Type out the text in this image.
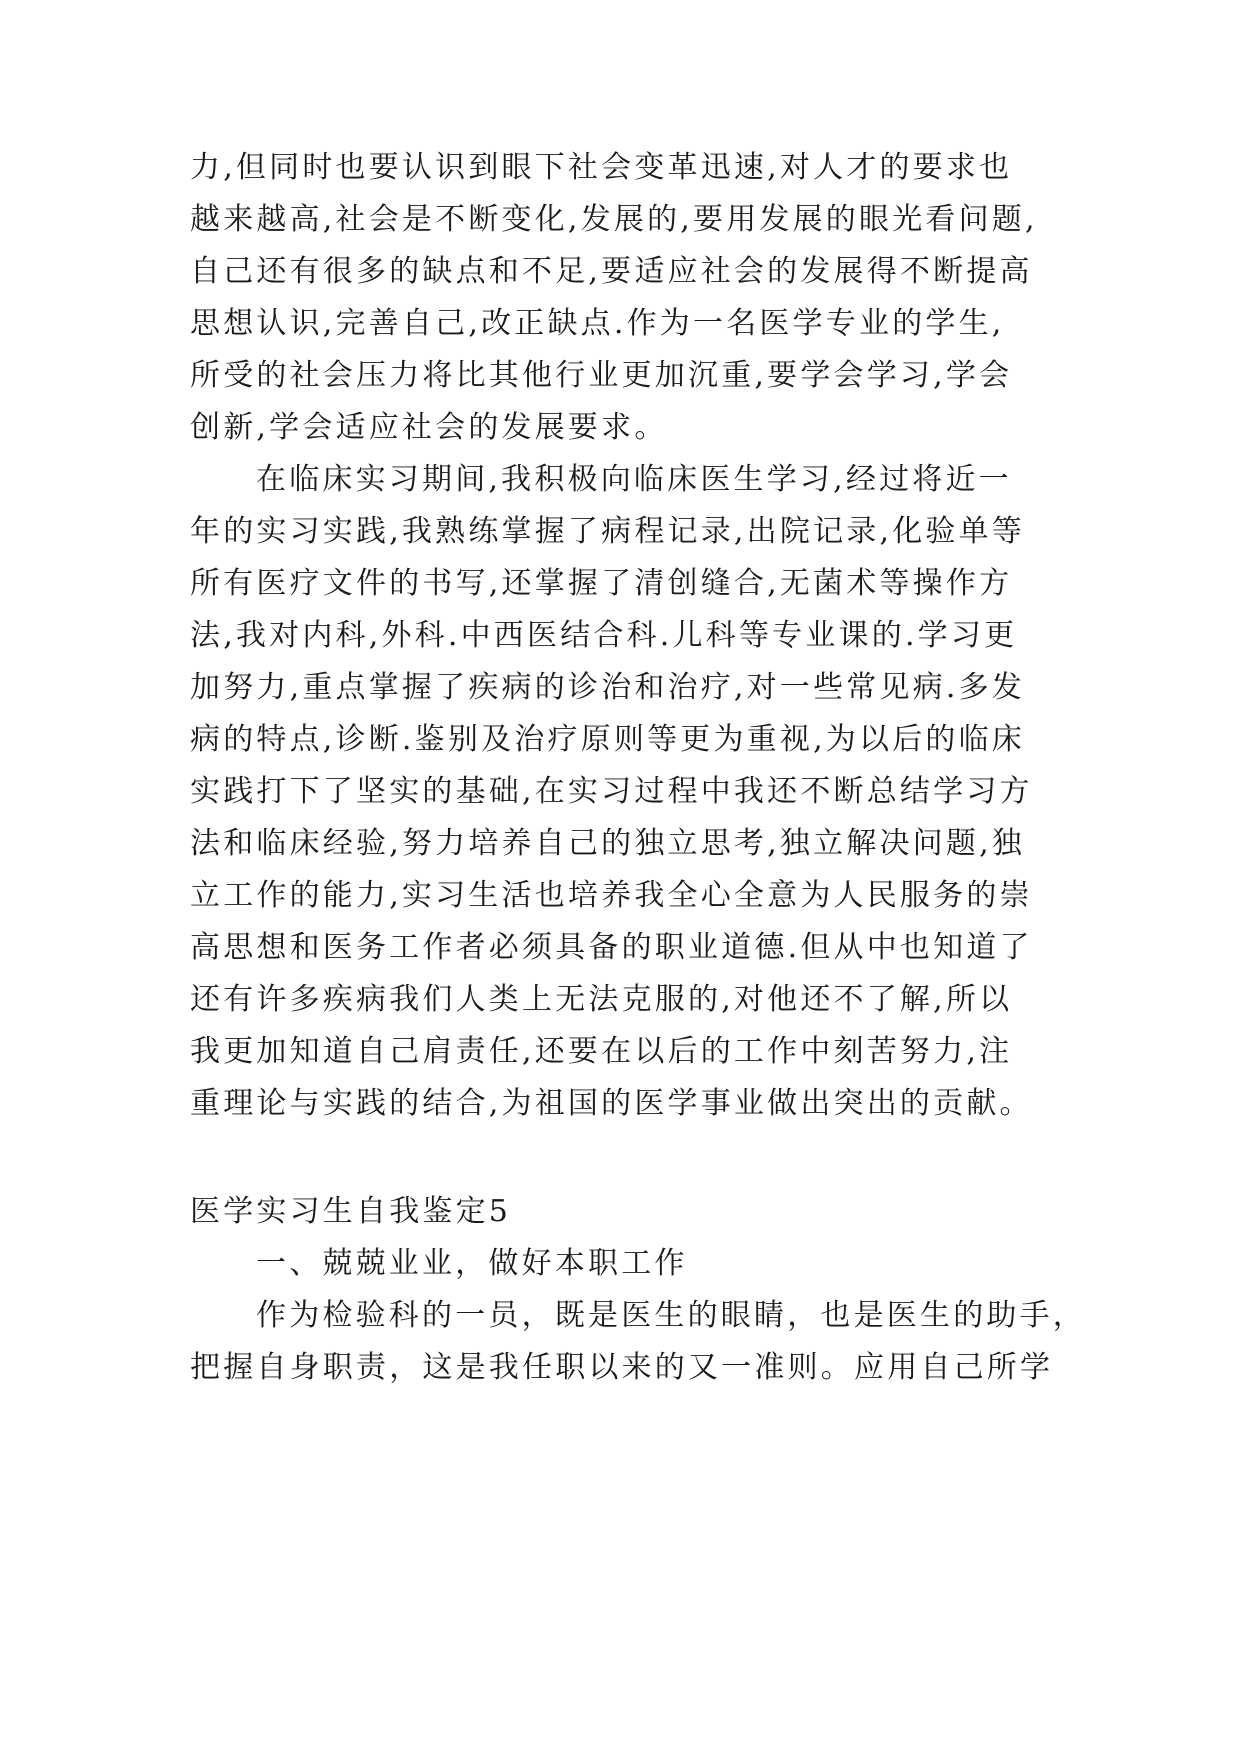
力,但同时也要认识到眼下社会变革迅速,对人才的要求也
越来越高,社会是不断变化,发展的,要用发展的眼光看问题,
自己还有很多的缺点和不足,要适应社会的发展得不断提高
思想认识,完善自己,改正缺点.作为一名医学专业的学生,
所受的社会压力将比其他行业更加沉重,要学会学习,学会
创新,学会适应社会的发展要求。
在临床实习期间,我积极向临床医生学习,经过将近一
年的实习实践,我熟练掌握了病程记录,出院记录,化验单等
所有医疗文件的书写,还掌握了清创缝合,无菌术等操作方
法,我对内科,外科.中西医结合科.儿科等专业课的.学习更
加努力,重点掌握了疾病的诊治和治疗,对一些常见病.多发
病的特点,诊断.鉴别及治疗原则等更为重视,为以后的临床
实践打下了坚实的基础,在实习过程中我还不断总结学习方
法和临床经验,努力培养自己的独立思考,独立解决问题,独
立工作的能力,实习生活也培养我全心全意为人民服务的崇
高思想和医务工作者必须具备的职业道德.但从中也知道了
还有许多疾病我们人类上无法克服的,对他还不了解,所以
我更加知道自己肩责任,还要在以后的工作中刻苦努力,注
重理论与实践的结合,为祖国的医学事业做出突出的贡献。
医学实习生自我鉴定5
一、兢兢业业，做好本职工作
作为检验科的一员，既是医生的眼睛，也是医生的助手，
把握自身职责，这是我任职以来的又一准则。应用自己所学
